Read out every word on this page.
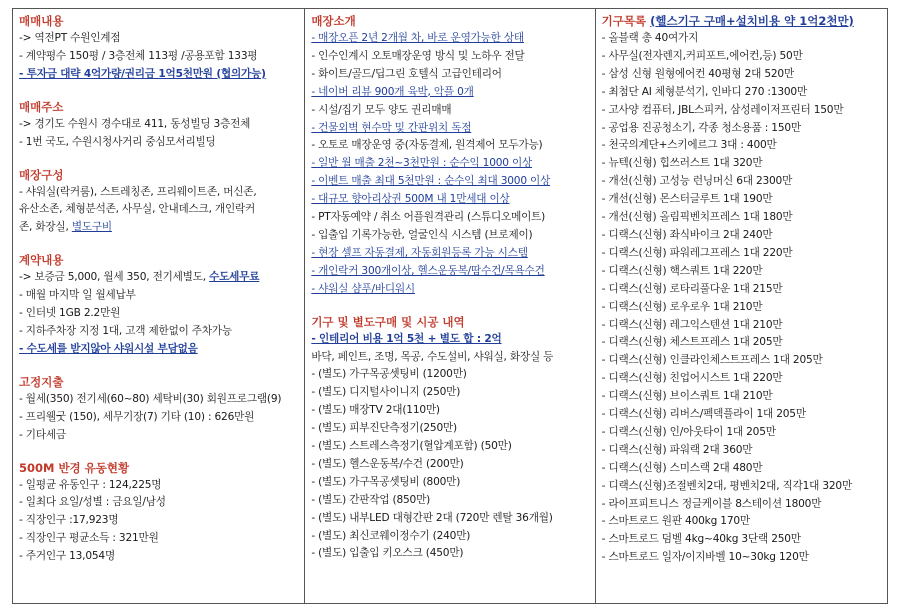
매매내용
-> 역전PT 수원인계점
- 계약평수 150평 / 3층전체 113평 /공용포함 133평
- 투자금 대략 4억가량/권리금 1억5천만원 (협의가능)
매매주소
-> 경기도 수원시 경수대로 411, 동성빌딩 3층전체
- 1번 국도, 수원시청사거리 중심모서리빌딩
매장구성
- 샤워실(락커룸), 스트레칭존, 프리웨이트존, 머신존,
유산소존, 체형분석존, 사무실, 안내데스크, 개인락커
존, 화장실, 별도구비
계약내용
-> 보증금 5,000, 월세 350, 전기세별도, 수도세무료
- 매월 마지막 일 월세납부
- 인터넷 1GB 2.2만원
- 지하주차장 지정 1대, 고객 제한없이 주차가능
- 수도세를 받지않아 샤워시설 부담없음
고정지출
- 월세(350) 전기세(60~80) 세탁비(30) 회원프로그램(9)
- 프리웰굿 (150), 세무기장(7) 기타 (10) : 626만원
- 기타세금
500M 반경 유동현황
- 일평균 유동인구 : 124,225명
- 일최다 요일/성별 : 금요일/남성
- 직장인구 :17,923명
- 직장인구 평균소득 : 321만원
- 주거인구 13,054명
매장소개
- 매장오픈 2년 2개월 차, 바로 운영가능한 상태
- 인수인계시 오토매장운영 방식 및 노하우 전달
- 화이트/골드/딥그린 호텔식 고급인테리어
- 네이버 리뷰 900개 육박, 악플 0개
- 시설/집기 모두 양도 권리매매
- 건물외벽 현수막 및 간판위치 독점
- 오토로 매장운영 중(자동결제, 원격제어 모두가능)
- 일반 월 매출 2천~3천만원 : 순수익 1000 이상
- 이벤트 매출 최대 5천만원 : 순수익 최대 3000 이상
- 대규모 향아리상권 500M 내 1만세대 이상
- PT자동예약 / 취소 어플원격관리 (스튜디오메이트)
- 입출입 기록가능한, 얼굴인식 시스템 (브로제이)
- 현장 셀프 자동결제, 자동회원등록 가능 시스템
- 개인락커 300개이상, 헬스운동복/땀수건/목욕수건
- 샤워실 샴푸/바디워시
기구 및 별도구매 및 시공 내역
- 인테리어 비용 1억 5천 + 별도 합 : 2억
바닥, 페인트, 조명, 목공, 수도설비, 샤워실, 화장실 등
- (별도) 가구목공셋팅비 (1200만)
- (별도) 디지털사이니지 (250만)
- (별도) 매장TV 2대(110만)
- (별도) 피부진단측정기(250만)
- (별도) 스트레스측정기(혈압계포함) (50만)
- (별도) 헬스운동복/수건 (200만)
- (별도) 가구목공셋팅비 (800만)
- (별도) 간판작업 (850만)
- (별도) 내부LED 대형간판 2대 (720만 렌탈 36개월)
- (별도) 최신코웨이정수기 (240만)
- (별도) 입출입 키오스크 (450만)
기구목록 (헬스기구 구매+설치비용 약 1억2천만)
- 올블랙 총 40여가지
- 사무실(전자렌지,커피포트,에어컨,등) 50만
- 삼성 신형 원형에어컨 40평형 2대 520만
- 최첨단 AI 체형분석기, 인바디 270 :1300만
- 고사양 컴퓨터, JBL스피커, 삼성레이저프린터 150만
- 공업용 진공청소기, 각종 청소용품 : 150만
- 천국의계단+스키에르그 3대 : 400만
- 뉴텍(신형) 힙쓰러스트 1대 320만
- 개선(신형) 고성능 런닝머신 6대 2300만
- 개선(신형) 몬스터글루트 1대 190만
- 개선(신형) 올림픽벤치프레스 1대 180만
- 디랙스(신형) 좌식바이크 2대 240만
- 디랙스(신형) 파워레그프레스 1대 220만
- 디랙스(신형) 핵스쿼트 1대 220만
- 디랙스(신형) 로타리풀다운 1대 215만
- 디랙스(신형) 로우로우 1대 210만
- 디랙스(신형) 레그익스텐션 1대 210만
- 디랙스(신형) 체스트프레스 1대 205만
- 디랙스(신형) 인클라인체스트프레스 1대 205만
- 디랙스(신형) 친업어시스트 1대 220만
- 디랙스(신형) 브이스쿼트 1대 210만
- 디랙스(신형) 리버스/펙덱플라이 1대 205만
- 디랙스(신형) 인/아웃타이 1대 205만
- 디랙스(신형) 파워랙 2대 360만
- 디랙스(신형) 스미스랙 2대 480만
- 디랙스(신형)조절벤치2대, 평벤치2대, 직각1대 320만
- 라이프피트니스 정글케이블 8스테이션 1800만
- 스마트로드 원판 400kg 170만
- 스마트로드 덤벨 4kg~40kg 3단랙 250만
- 스마트로드 일자/이지바벨 10~30kg 120만
